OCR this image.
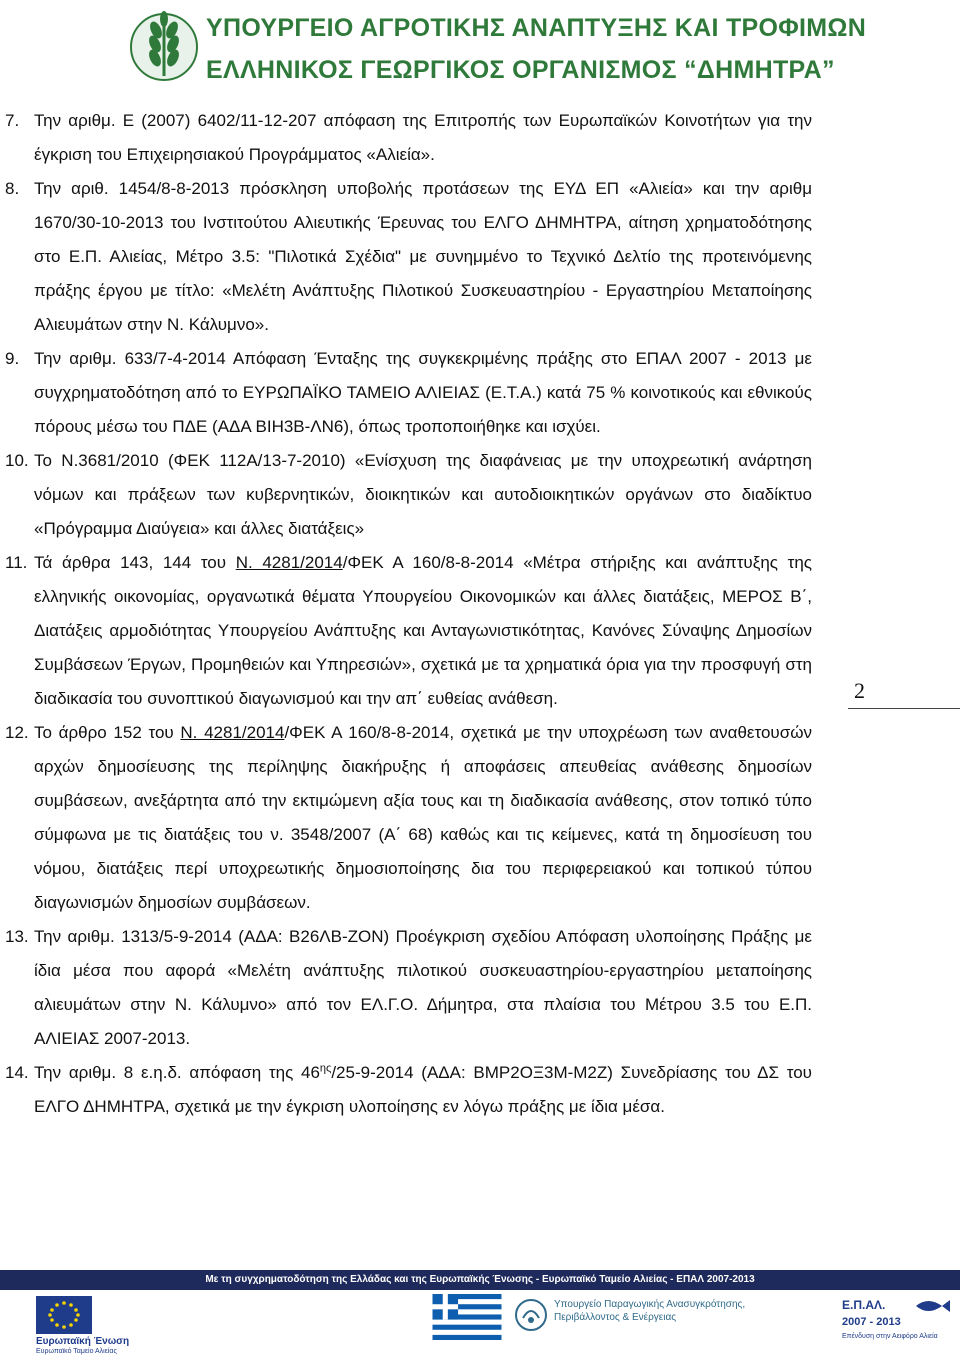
ΥΠΟΥΡΓΕΙΟ ΑΓΡΟΤΙΚΗΣ ΑΝΑΠΤΥΞΗΣ ΚΑΙ ΤΡΟΦΙΜΩΝ
ΕΛΛΗΝΙΚΟΣ ΓΕΩΡΓΙΚΟΣ ΟΡΓΑΝΙΣΜΟΣ “ΔΗΜΗΤΡΑ”

7. Την αριθμ. Ε (2007) 6402/11-12-207 απόφαση της Επιτροπής των Ευρωπαϊκών Κοινοτήτων για την έγκριση του Επιχειρησιακού Προγράμματος «Αλιεία».

8. Την αριθ. 1454/8-8-2013 πρόσκληση υποβολής προτάσεων της ΕΥΔ ΕΠ «Αλιεία» και την αριθμ 1670/30-10-2013 του Ινστιτούτου Αλιευτικής Έρευνας του ΕΛΓΟ ΔΗΜΗΤΡΑ, αίτηση χρηματοδότησης στο Ε.Π. Αλιείας, Μέτρο 3.5: "Πιλοτικά Σχέδια" με συνημμένο το Τεχνικό Δελτίο της προτεινόμενης πράξης έργου με τίτλο: «Μελέτη Ανάπτυξης Πιλοτικού Συσκευαστηρίου - Εργαστηρίου Μεταποίησης Αλιευμάτων στην Ν. Κάλυμνο».

9. Την αριθμ. 633/7-4-2014 Απόφαση Ένταξης της συγκεκριμένης πράξης στο ΕΠΑΛ 2007 - 2013 με συγχρηματοδότηση από το ΕΥΡΩΠΑΪΚΟ ΤΑΜΕΙΟ ΑΛΙΕΙΑΣ (Ε.Τ.Α.) κατά 75 % κοινοτικούς και εθνικούς πόρους μέσω του ΠΔΕ (ΑΔΑ ΒΙΗ3Β-ΛΝ6), όπως τροποποιήθηκε και ισχύει.

10. Το Ν.3681/2010 (ΦΕΚ 112Α/13-7-2010) «Ενίσχυση της διαφάνειας με την υποχρεωτική ανάρτηση νόμων και πράξεων των κυβερνητικών, διοικητικών και αυτοδιοικητικών οργάνων στο διαδίκτυο «Πρόγραμμα Διαύγεια» και άλλες διατάξεις»

11. Τά άρθρα 143, 144 του Ν. 4281/2014/ΦΕΚ Α 160/8-8-2014 «Μέτρα στήριξης και ανάπτυξης της ελληνικής οικονομίας, οργανωτικά θέματα Υπουργείου Οικονομικών και άλλες διατάξεις, ΜΕΡΟΣ Β΄, Διατάξεις αρμοδιότητας Υπουργείου Ανάπτυξης και Ανταγωνιστικότητας, Κανόνες Σύναψης Δημοσίων Συμβάσεων Έργων, Προμηθειών και Υπηρεσιών», σχετικά με τα χρηματικά όρια για την προσφυγή στη διαδικασία του συνοπτικού διαγωνισμού και την απ΄ ευθείας ανάθεση.

12. Το άρθρο 152 του Ν. 4281/2014/ΦΕΚ Α 160/8-8-2014, σχετικά με την υποχρέωση των αναθετουσών αρχών δημοσίευσης της περίληψης διακήρυξης ή αποφάσεις απευθείας ανάθεσης δημοσίων συμβάσεων, ανεξάρτητα από την εκτιμώμενη αξία τους και τη διαδικασία ανάθεσης, στον τοπικό τύπο σύμφωνα με τις διατάξεις του ν. 3548/2007 (Α΄ 68) καθώς και τις κείμενες, κατά τη δημοσίευση του νόμου, διατάξεις περί υποχρεωτικής δημοσιοποίησης δια του περιφερειακού και τοπικού τύπου διαγωνισμών δημοσίων συμβάσεων.

13. Την αριθμ. 1313/5-9-2014 (ΑΔΑ: Β26ΛΒ-ΖΟΝ) Προέγκριση σχεδίου Απόφαση υλοποίησης Πράξης με ίδια μέσα που αφορά «Μελέτη ανάπτυξης πιλοτικού συσκευαστηρίου-εργαστηρίου μεταποίησης αλιευμάτων στην Ν. Κάλυμνο» από τον ΕΛ.Γ.Ο. Δήμητρα, στα πλαίσια του Μέτρου 3.5 του Ε.Π. ΑΛΙΕΙΑΣ 2007-2013.

14. Την αριθμ. 8 ε.η.δ. απόφαση της $46^{\eta\varsigma}/25-9-2014$ (ΑΔΑ: ΒΜΡ2ΟΞ3Μ-Μ2Ζ) Συνεδρίασης του ΔΣ του ΕΛΓΟ ΔΗΜΗΤΡΑ, σχετικά με την έγκριση υλοποίησης εν λόγω πράξης με ίδια μέσα.

2
Με τη συγχρηματοδότηση της Ελλάδας και της Ευρωπαϊκής Ένωσης - Ευρωπαϊκό Ταμείο Αλιείας - ΕΠΑΛ 2007-2013
Ευρωπαϊκή Ένωση
Ευρωπαϊκό Ταμείο Αλιείας
Υπουργείο Παραγωγικής Ανασυγκρότησης, Περιβάλλοντος & Ενέργειας
Ε.Π.ΑΛ.
2007 - 2013
Επένδυση στην Αειφόρο Αλιεία
